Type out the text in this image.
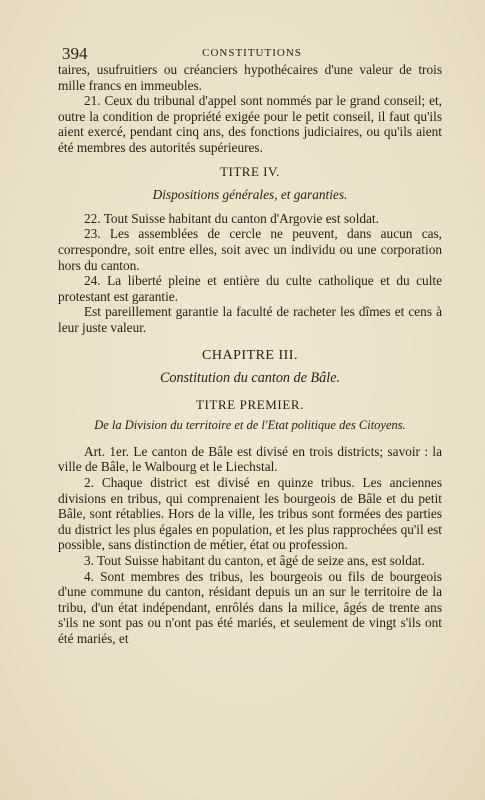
394	CONSTITUTIONS

taires, usufruitiers ou créanciers hypothécaires d'une valeur de trois mille francs en immeubles.

21. Ceux du tribunal d'appel sont nommés par le grand conseil; et, outre la condition de propriété exigée pour le petit conseil, il faut qu'ils aient exercé, pendant cinq ans, des fonctions judiciaires, ou qu'ils aient été membres des autorités supérieures.

TITRE IV.

Dispositions générales, et garanties.

22. Tout Suisse habitant du canton d'Argovie est soldat.

23. Les assemblées de cercle ne peuvent, dans aucun cas, correspondre, soit entre elles, soit avec un individu ou une corporation hors du canton.

24. La liberté pleine et entière du culte catholique et du culte protestant est garantie.

Est pareillement garantie la faculté de racheter les dîmes et cens à leur juste valeur.

CHAPITRE III.

Constitution du canton de Bâle.

TITRE PREMIER.

De la Division du territoire et de l'Etat politique des Citoyens.

Art. 1er. Le canton de Bâle est divisé en trois districts; savoir : la ville de Bâle, le Walbourg et le Liechstal.

2. Chaque district est divisé en quinze tribus. Les anciennes divisions en tribus, qui comprenaient les bourgeois de Bâle et du petit Bâle, sont rétablies. Hors de la ville, les tribus sont formées des parties du district les plus égales en population, et les plus rapprochées qu'il est possible, sans distinction de métier, état ou profession.

3. Tout Suisse habitant du canton, et âgé de seize ans, est soldat.

4. Sont membres des tribus, les bourgeois ou fils de bourgeois d'une commune du canton, résidant depuis un an sur le territoire de la tribu, d'un état indépendant, enrôlés dans la milice, âgés de trente ans s'ils ne sont pas ou n'ont pas été mariés, et seulement de vingt s'ils ont été mariés, et
